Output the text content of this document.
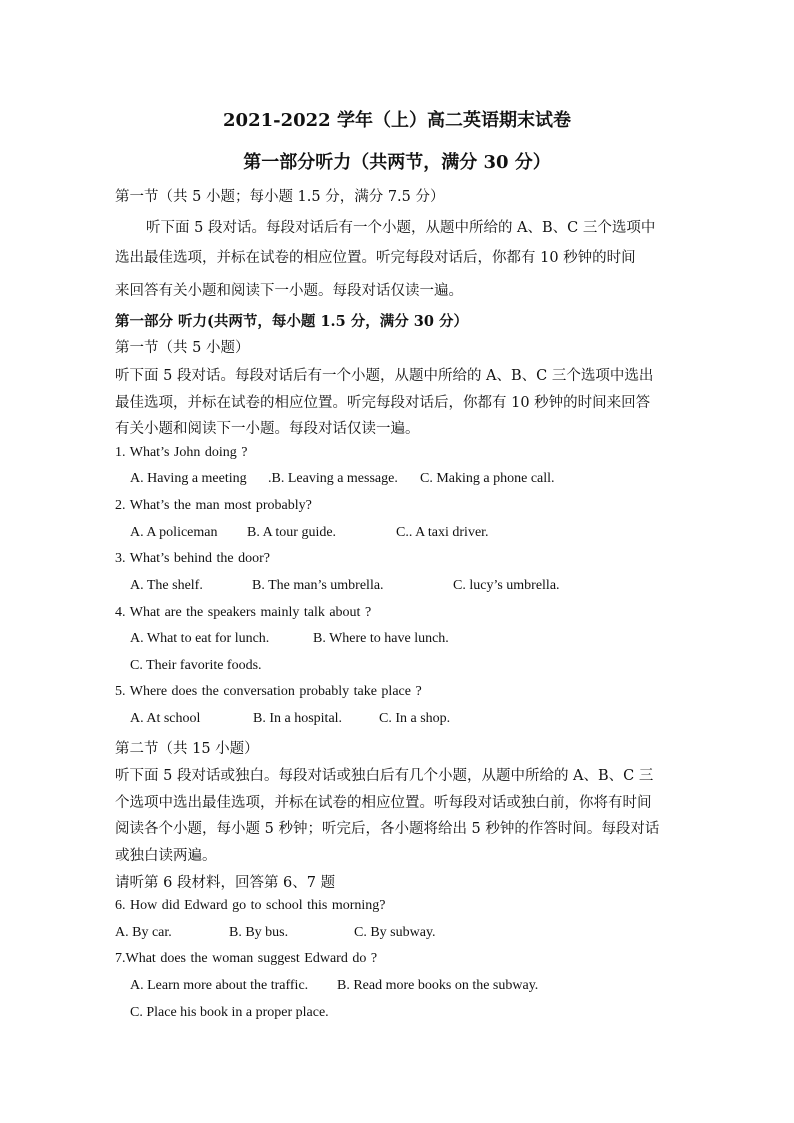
2021-2022 学年（上）高二英语期末试卷
第一部分听力（共两节，满分 30 分）
第一节（共 5 小题；每小题 1.5 分，满分 7.5 分）
听下面 5 段对话。每段对话后有一个小题，从题中所给的 A、B、C 三个选项中
选出最佳选项，并标在试卷的相应位置。听完每段对话后，你都有 10 秒钟的时间
来回答有关小题和阅读下一小题。每段对话仅读一遍。
第一部分 听力(共两节，每小题 1.5 分，满分 30 分）
第一节（共 5 小题）
听下面 5 段对话。每段对话后有一个小题，从题中所给的 A、B、C 三个选项中选出
最佳选项，并标在试卷的相应位置。听完每段对话后，你都有 10 秒钟的时间来回答
有关小题和阅读下一小题。每段对话仅读一遍。
1. What’s John doing ?
A. Having a meeting .B. Leaving a message. C. Making a phone call.
2. What’s the man most probably?
A. A policeman B. A tour guide.	C.. A taxi driver.
3. What’s behind the door?
A. The shelf.	B. The man’s umbrella.	C. lucy’s umbrella.
4. What are the speakers mainly talk about ?
A. What to eat for lunch.	B. Where to have lunch.
C. Their favorite foods.
5. Where does the conversation probably take place ?
A. At school	B. In a hospital.	C. In a shop.
第二节（共 15 小题）
听下面 5 段对话或独白。每段对话或独白后有几个小题，从题中所给的 A、B、C 三
个选项中选出最佳选项，并标在试卷的相应位置。听每段对话或独白前，你将有时间
阅读各个小题，每小题 5 秒钟；听完后，各小题将给出 5 秒钟的作答时间。每段对话
或独白读两遍。
请听第 6 段材料，回答第 6、7 题
6. How did Edward go to school this morning?
A. By car.	B. By bus.	C. By subway.
7.What does the woman suggest Edward do ?
A. Learn more about the traffic. B. Read more books on the subway.
C. Place his book in a proper place.
